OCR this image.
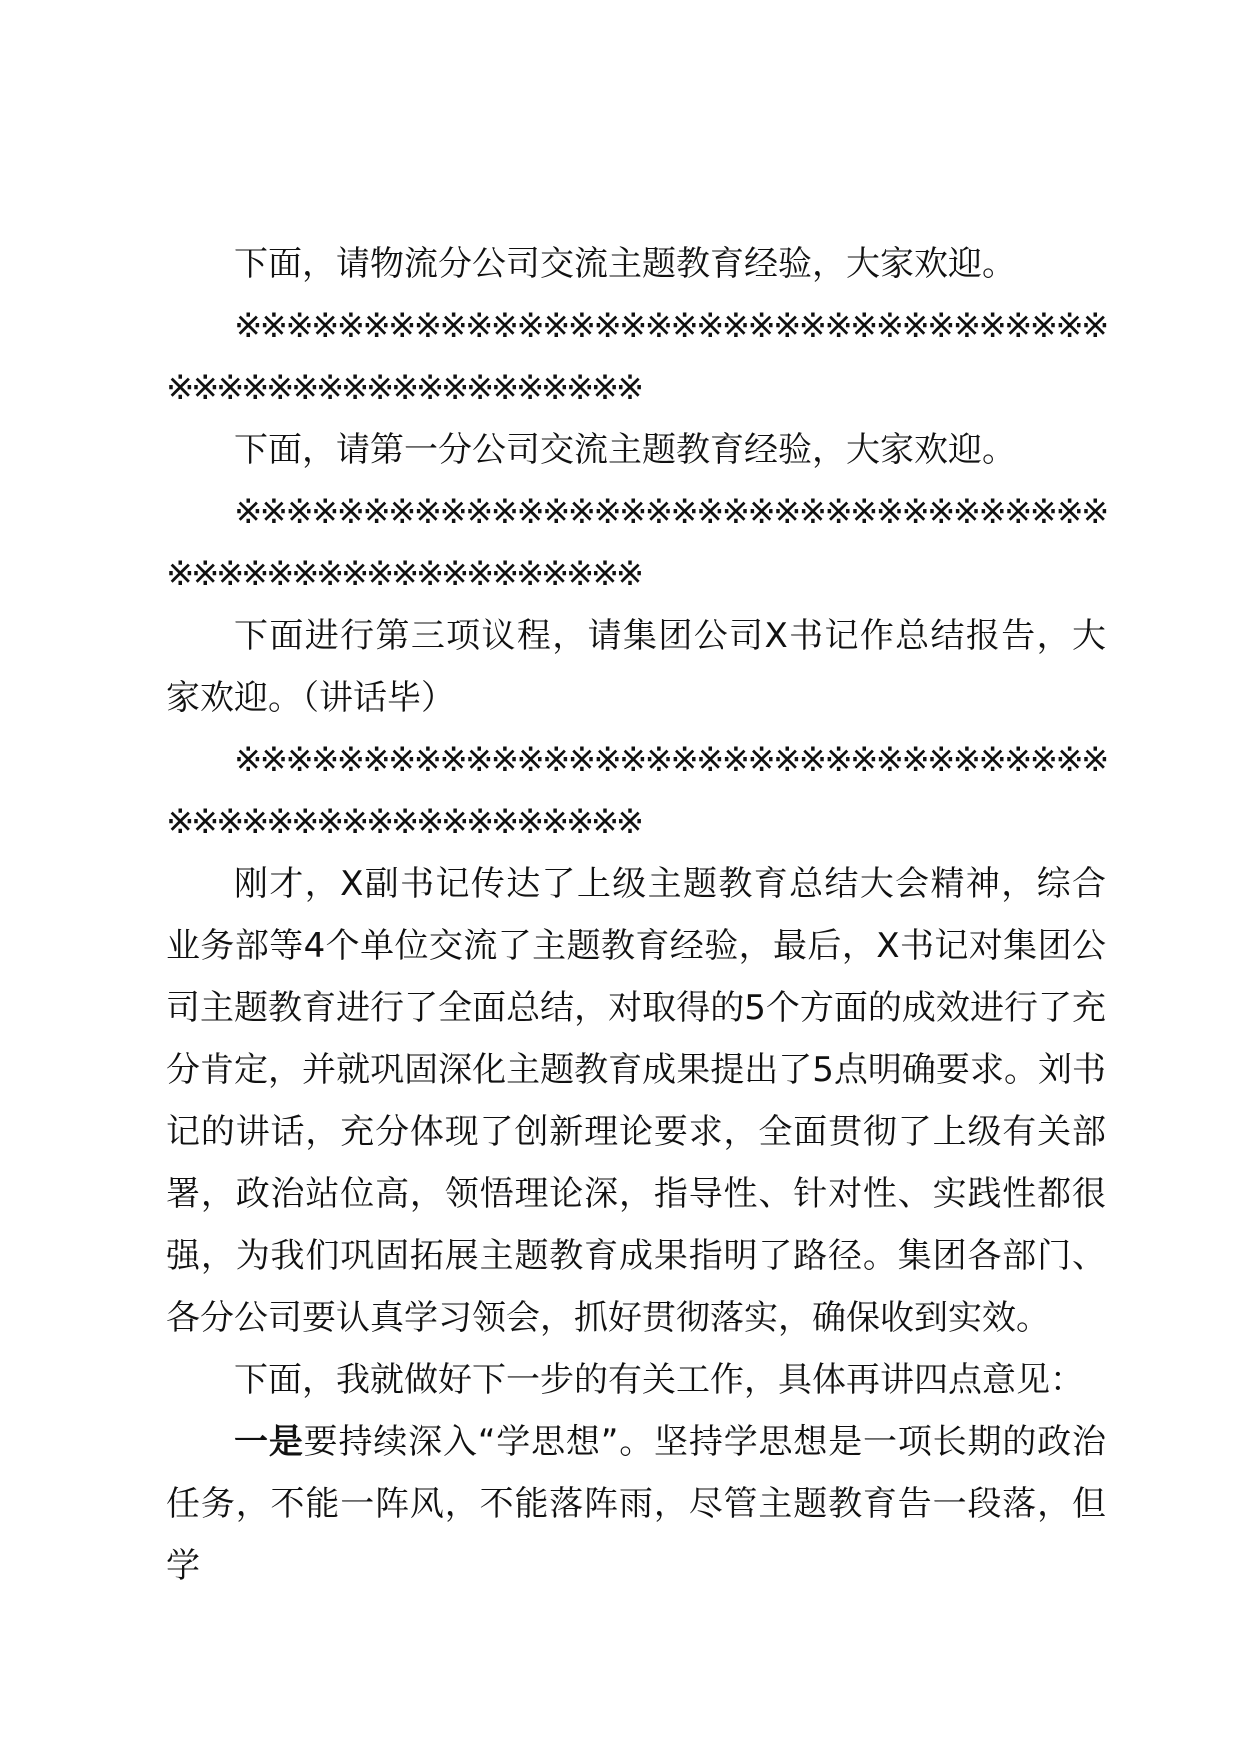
下面，请物流分公司交流主题教育经验，大家欢迎。

※※※※※※※※※※※※※※※※※※※※※※※※※※※※※※※※※※※※※※※※※※※※※※※※※※※※※

下面，请第一分公司交流主题教育经验，大家欢迎。

※※※※※※※※※※※※※※※※※※※※※※※※※※※※※※※※※※※※※※※※※※※※※※※※※※※※※

下面进行第三项议程，请集团公司X书记作总结报告，大家欢迎。（讲话毕）

※※※※※※※※※※※※※※※※※※※※※※※※※※※※※※※※※※※※※※※※※※※※※※※※※※※※※

刚才，X副书记传达了上级主题教育总结大会精神，综合业务部等4个单位交流了主题教育经验，最后，X书记对集团公司主题教育进行了全面总结，对取得的5个方面的成效进行了充分肯定，并就巩固深化主题教育成果提出了5点明确要求。刘书记的讲话，充分体现了创新理论要求，全面贯彻了上级有关部署，政治站位高，领悟理论深，指导性、针对性、实践性都很强，为我们巩固拓展主题教育成果指明了路径。集团各部门、各分公司要认真学习领会，抓好贯彻落实，确保收到实效。

下面，我就做好下一步的有关工作，具体再讲四点意见：

一是要持续深入“学思想”。坚持学思想是一项长期的政治任务，不能一阵风，不能落阵雨，尽管主题教育告一段落，但学
